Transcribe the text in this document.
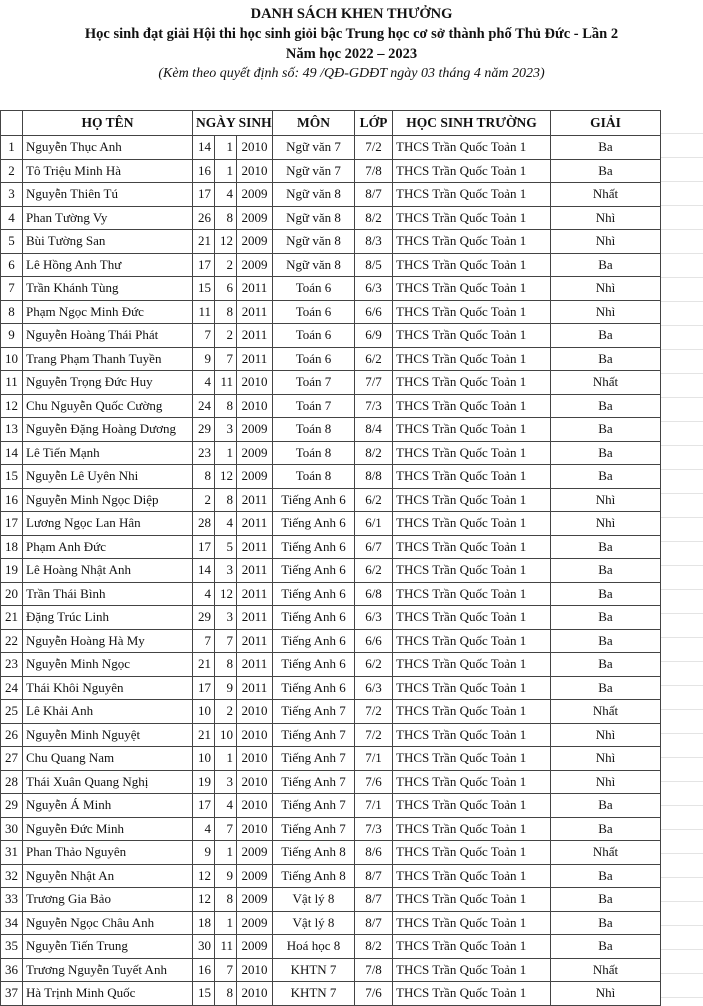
DANH SÁCH KHEN THƯỞNG
Học sinh đạt giải Hội thi học sinh giỏi bậc Trung học cơ sở thành phố Thủ Đức - Lần 2
Năm học 2022 – 2023
(Kèm theo quyết định số: 49 /QĐ-GDĐT ngày 03 tháng 4 năm 2023)
	HỌ TÊN	NGÀY SINH			MÔN	LỚP	HỌC SINH TRƯỜNG	GIẢI
1	Nguyễn Thục Anh	14	1	2010	Ngữ văn 7	7/2	THCS Trần Quốc Toản 1	Ba
2	Tô Triệu Minh Hà	16	1	2010	Ngữ văn 7	7/8	THCS Trần Quốc Toản 1	Ba
3	Nguyễn Thiên Tú	17	4	2009	Ngữ văn 8	8/7	THCS Trần Quốc Toản 1	Nhất
4	Phan Tường Vy	26	8	2009	Ngữ văn 8	8/2	THCS Trần Quốc Toản 1	Nhì
5	Bùi Tường San	21	12	2009	Ngữ văn 8	8/3	THCS Trần Quốc Toản 1	Nhì
6	Lê Hồng Anh Thư	17	2	2009	Ngữ văn 8	8/5	THCS Trần Quốc Toản 1	Ba
7	Trần Khánh Tùng	15	6	2011	Toán 6	6/3	THCS Trần Quốc Toản 1	Nhì
8	Phạm Ngọc Minh Đức	11	8	2011	Toán 6	6/6	THCS Trần Quốc Toản 1	Nhì
9	Nguyễn Hoàng Thái Phát	7	2	2011	Toán 6	6/9	THCS Trần Quốc Toản 1	Ba
10	Trang Phạm Thanh Tuyền	9	7	2011	Toán 6	6/2	THCS Trần Quốc Toản 1	Ba
11	Nguyễn Trọng Đức Huy	4	11	2010	Toán 7	7/7	THCS Trần Quốc Toản 1	Nhất
12	Chu Nguyễn Quốc Cường	24	8	2010	Toán 7	7/3	THCS Trần Quốc Toản 1	Ba
13	Nguyễn Đặng Hoàng Dương	29	3	2009	Toán 8	8/4	THCS Trần Quốc Toản 1	Ba
14	Lê Tiến Mạnh	23	1	2009	Toán 8	8/2	THCS Trần Quốc Toản 1	Ba
15	Nguyễn Lê Uyên Nhi	8	12	2009	Toán 8	8/8	THCS Trần Quốc Toản 1	Ba
16	Nguyễn Minh Ngọc Diệp	2	8	2011	Tiếng Anh 6	6/2	THCS Trần Quốc Toản 1	Nhì
17	Lương Ngọc Lan Hân	28	4	2011	Tiếng Anh 6	6/1	THCS Trần Quốc Toản 1	Nhì
18	Phạm Anh Đức	17	5	2011	Tiếng Anh 6	6/7	THCS Trần Quốc Toản 1	Ba
19	Lê Hoàng Nhật Anh	14	3	2011	Tiếng Anh 6	6/2	THCS Trần Quốc Toản 1	Ba
20	Trần Thái Bình	4	12	2011	Tiếng Anh 6	6/8	THCS Trần Quốc Toản 1	Ba
21	Đặng Trúc Linh	29	3	2011	Tiếng Anh 6	6/3	THCS Trần Quốc Toản 1	Ba
22	Nguyễn Hoàng Hà My	7	7	2011	Tiếng Anh 6	6/6	THCS Trần Quốc Toản 1	Ba
23	Nguyễn Minh Ngọc	21	8	2011	Tiếng Anh 6	6/2	THCS Trần Quốc Toản 1	Ba
24	Thái Khôi Nguyên	17	9	2011	Tiếng Anh 6	6/3	THCS Trần Quốc Toản 1	Ba
25	Lê Khải Anh	10	2	2010	Tiếng Anh 7	7/2	THCS Trần Quốc Toản 1	Nhất
26	Nguyễn Minh Nguyệt	21	10	2010	Tiếng Anh 7	7/2	THCS Trần Quốc Toản 1	Nhì
27	Chu Quang Nam	10	1	2010	Tiếng Anh 7	7/1	THCS Trần Quốc Toản 1	Nhì
28	Thái Xuân Quang Nghị	19	3	2010	Tiếng Anh 7	7/6	THCS Trần Quốc Toản 1	Nhì
29	Nguyễn Á Minh	17	4	2010	Tiếng Anh 7	7/1	THCS Trần Quốc Toản 1	Ba
30	Nguyễn Đức Minh	4	7	2010	Tiếng Anh 7	7/3	THCS Trần Quốc Toản 1	Ba
31	Phan Thảo Nguyên	9	1	2009	Tiếng Anh 8	8/6	THCS Trần Quốc Toản 1	Nhất
32	Nguyễn Nhật An	12	9	2009	Tiếng Anh 8	8/7	THCS Trần Quốc Toản 1	Ba
33	Trương Gia Bảo	12	8	2009	Vật lý 8	8/7	THCS Trần Quốc Toản 1	Ba
34	Nguyễn Ngọc Châu Anh	18	1	2009	Vật lý 8	8/7	THCS Trần Quốc Toản 1	Ba
35	Nguyễn Tiến Trung	30	11	2009	Hoá học 8	8/2	THCS Trần Quốc Toản 1	Ba
36	Trương Nguyễn Tuyết Anh	16	7	2010	KHTN 7	7/8	THCS Trần Quốc Toản 1	Nhất
37	Hà Trịnh Minh Quốc	15	8	2010	KHTN 7	7/6	THCS Trần Quốc Toản 1	Nhì
